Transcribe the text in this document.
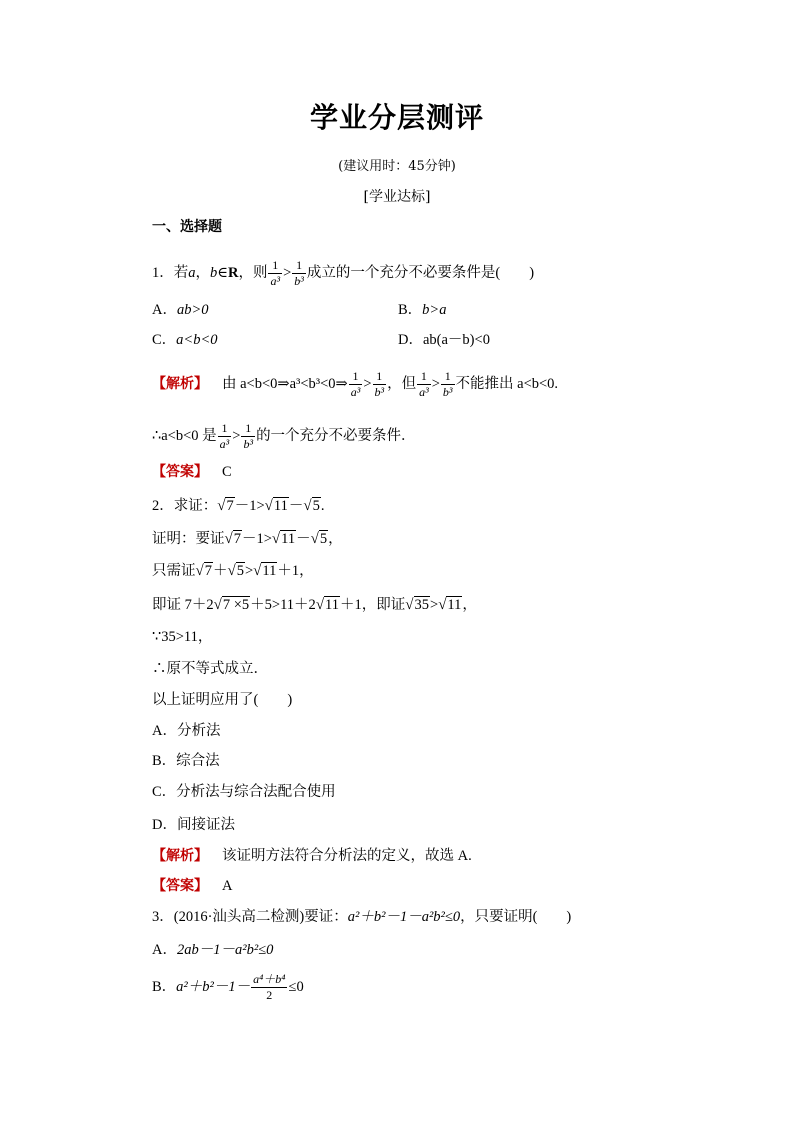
学业分层测评
(建议用时：45分钟)
[学业达标]
一、选择题
1．若a，b∈R，则 $\frac{1}{\text{a³}} > \frac{1}{\text{b³}}$ 成立的一个充分不必要条件是(　　)
A．ab>0	B．b>a
C．a<b<0	D．ab(a－b)<0
【解析】 由 a<b<0⇒a³<b³<0⇒ $\frac{1}{\text{a³}} > \frac{1}{\text{b³}}$ ，但 $\frac{1}{\text{a³}} > \frac{1}{\text{b³}}$ 不能推出 a<b<0.
∴a<b<0 是 $\frac{1}{\text{a³}} > \frac{1}{\text{b³}}$ 的一个充分不必要条件．
【答案】 C
2．求证：√7－1>√11－√5.
证明：要证√7－1>√11－√5，
只需证√7＋√5>√11＋1，
即证 7＋2√7 ×5＋5>11＋2√11＋1，即证√35>√11，
∵35>11，
∴原不等式成立．
以上证明应用了(　　)
A．分析法
B．综合法
C．分析法与综合法配合使用
D．间接证法
【解析】 该证明方法符合分析法的定义，故选 A.
【答案】 A
3．(2016·汕头高二检测)要证：a²＋b²－1－a²b²≤0，只要证明(　　)
A．2ab－1－a²b²≤0
B．$a^2+b^2-1- \frac{\text{a⁴＋b⁴}}{2} \le 0$
